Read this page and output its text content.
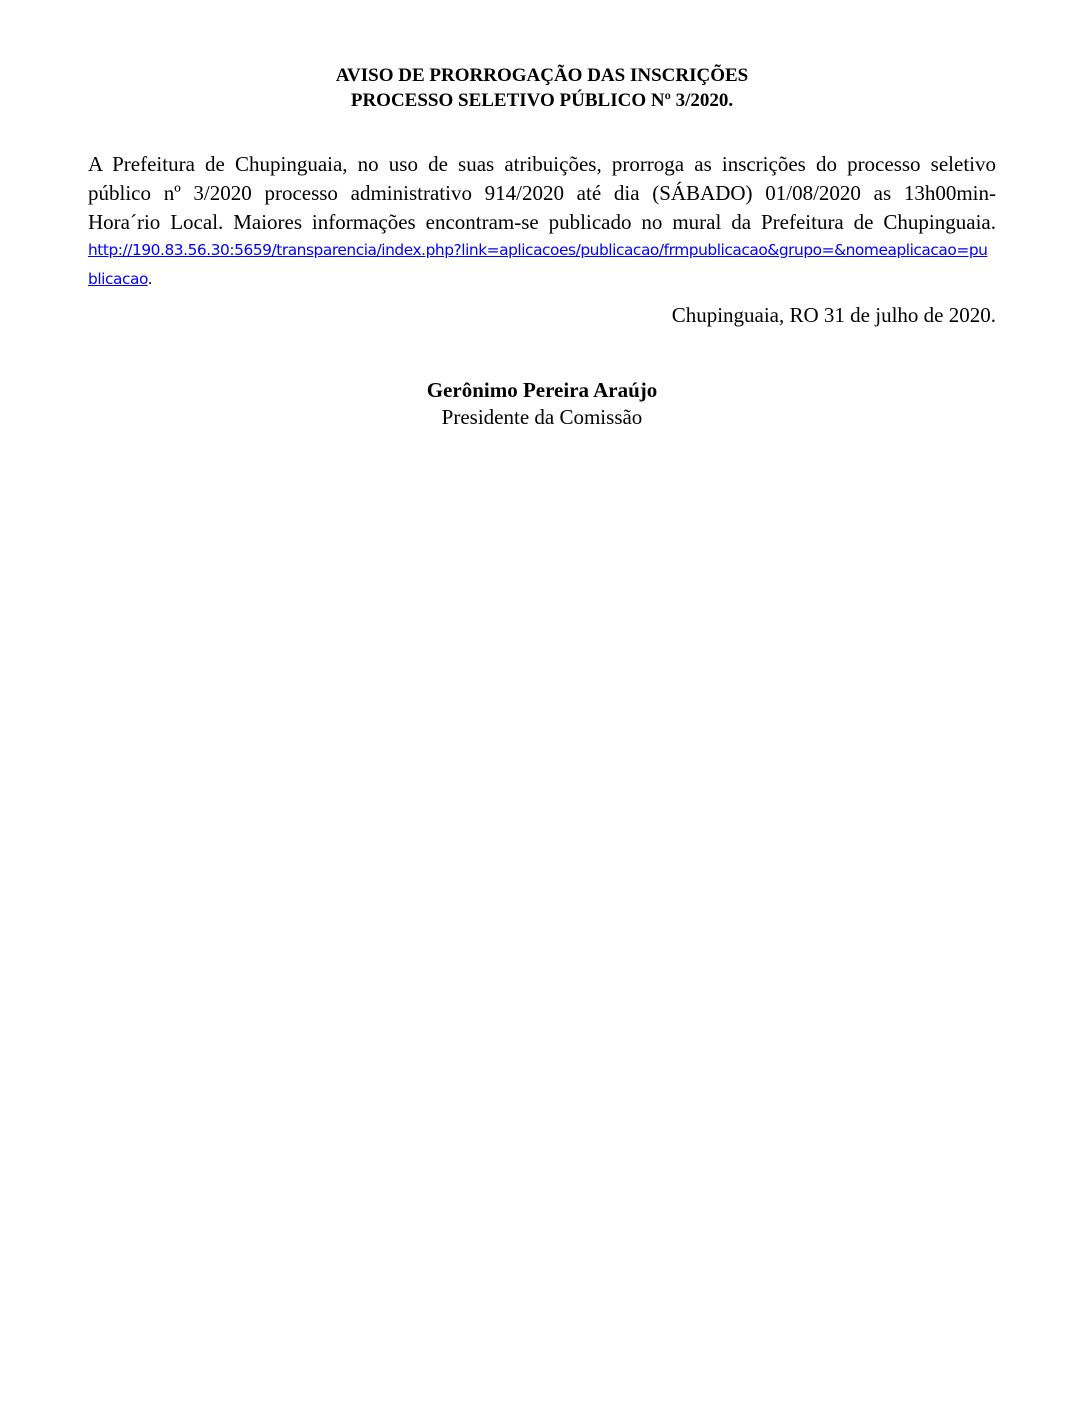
AVISO DE PRORROGAÇÃO DAS INSCRIÇÕES
PROCESSO SELETIVO PÚBLICO Nº 3/2020.

A Prefeitura de Chupinguaia, no uso de suas atribuições, prorroga as inscrições do processo seletivo
público nº 3/2020 processo administrativo 914/2020 até dia (SÁBADO) 01/08/2020 as 13h00min-
Hora´rio Local. Maiores informações encontram-se publicado no mural da Prefeitura de Chupinguaia.

http://190.83.56.30:5659/transparencia/index.php?link=aplicacoes/publicacao/frmpublicacao&grupo=&nomeaplicacao=publicacao.

Chupinguaia, RO 31 de julho de 2020.

Gerônimo Pereira Araújo
Presidente da Comissão
